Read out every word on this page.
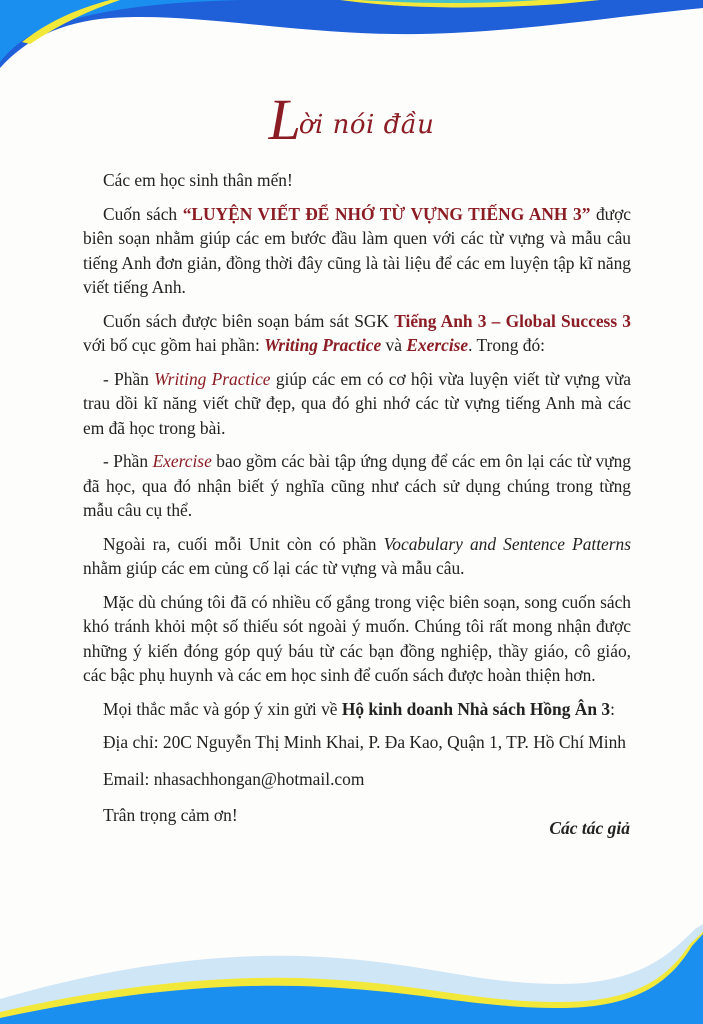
Lời nói đầu

Các em học sinh thân mến!

Cuốn sách “LUYỆN VIẾT ĐỂ NHỚ TỪ VỰNG TIẾNG ANH 3” được biên soạn nhằm giúp các em bước đầu làm quen với các từ vựng và mẫu câu tiếng Anh đơn giản, đồng thời đây cũng là tài liệu để các em luyện tập kĩ năng viết tiếng Anh.

Cuốn sách được biên soạn bám sát SGK Tiếng Anh 3 – Global Success 3 với bố cục gồm hai phần: Writing Practice và Exercise. Trong đó:

- Phần Writing Practice giúp các em có cơ hội vừa luyện viết từ vựng vừa trau dồi kĩ năng viết chữ đẹp, qua đó ghi nhớ các từ vựng tiếng Anh mà các em đã học trong bài.

- Phần Exercise bao gồm các bài tập ứng dụng để các em ôn lại các từ vựng đã học, qua đó nhận biết ý nghĩa cũng như cách sử dụng chúng trong từng mẫu câu cụ thể.

Ngoài ra, cuối mỗi Unit còn có phần Vocabulary and Sentence Patterns nhằm giúp các em củng cố lại các từ vựng và mẫu câu.

Mặc dù chúng tôi đã có nhiều cố gắng trong việc biên soạn, song cuốn sách khó tránh khỏi một số thiếu sót ngoài ý muốn. Chúng tôi rất mong nhận được những ý kiến đóng góp quý báu từ các bạn đồng nghiệp, thầy giáo, cô giáo, các bậc phụ huynh và các em học sinh để cuốn sách được hoàn thiện hơn.

Mọi thắc mắc và góp ý xin gửi về Hộ kinh doanh Nhà sách Hồng Ân 3:

Địa chỉ: 20C Nguyễn Thị Minh Khai, P. Đa Kao, Quận 1, TP. Hồ Chí Minh

Email: nhasachhongan@hotmail.com

Trân trọng cảm ơn!

Các tác giả
